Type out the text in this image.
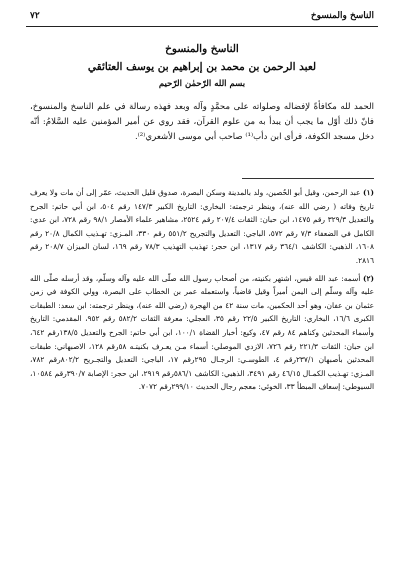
الناسخ والمنسوخ
٧٢
الناسخ والمنسوخ
لعبد الرحمن بن محمد بن إبراهيم بن يوسف العتائقي
بسم الله الرّحمٰن الرّحيم

الحمد لله مكافأةً لإفضاله وصلواته على محمَّدٍ وآله وبعد فهذه رسالة في علم الناسخ والمنسوخ، فانّ ذلك أوّل ما يجب أن يبدأ به من علوم القرآن، فقد روي عن أمير المؤمنين عليه السَّلامُ: أنّه دخل مسجد الكوفة، فرأى ابن دأب⁽¹⁾ صاحب أبي موسى الأشعري⁽²⁾.

(١) عبد الرحمن، وقيل أبو الحُصين، ولد بالمدينة وسكن البصرة، صدوق قليل الحديث، عمّر إلى أن مات ولا يعرف تاريخ وفاته ( رضي الله عنه)، وينظر ترجمته: البخاري: التاريخ الكبير ١٤٧/٣ رقم ٥٠٤، ابن أبي حاتم: الجرح والتعديل ٣٢٩/٣ رقم ١٤٧٥، ابن حبان: الثقات ٢٠٧/٤ رقم ٢٥٢٤، مشاهير علماء الأمصار ٩٨/١ رقم ٧٢٨، ابن عدي: الكامل في الضعفاء ٧/٣ رقم ٥٧٢، الباجي: التعديل والتجريح ٥٥١/٢ رقم ٣٣٠، المـزي: تهـذيب الكمال ٢٠/٨ رقم ١٦٠٨، الذهبي: الكاشف ٣٦٤/١ رقم ١٣١٧، ابن حجر: تهذيب التهذيب ٧٨/٣ رقم ١٦٩، لسان الميزان ٢٠٨/٧ رقم ٢٨١٦.

(٢) أسمه: عبد الله قيس، اشتهر بكنيته، من أصحاب رسول الله صلّى الله عليه وآله وسلّم، وقد أرسله صلّى الله عليه وآله وسلّم إلى اليمن أميراً وقيل قاضياً، واستعمله عمر بن الخطاب على البصرة، وولي الكوفة في زمن عثمان بن عفان، وهو أحد الحكمين، مات سنة ٤٢ من الهجرة (رضي الله عنه)، وينظر ترجمته: ابن سعد: الطبقات الكبرى ١٦/٦، البخاري: التاريخ الكبير ٢٢/٥ رقم ٣٥، العجلي: معرفة الثقات ٥٨٢/٢ رقم ٩٥٢، المقدمي: التاريخ وأسماء المحدثين وكناهم ٨٤ رقم ٤٧، وكيع: أخبار القضاة ١٠٠/١، ابن أبي حاتم: الجرح والتعديل ١٣٨/٥رقم ٦٤٢، ابن حبان: الثقات ٢٢١/٣ رقم ٧٢٦، الازدي الموصلي: أسماء مـن يعـرف بكنيتـه ٥٨رقم ١٢٨، الاصبهاني: طبقات المحدثين بأصبهان ٢٣٧/١رقم ٤، الطوسـي: الرجـال ٢٩٥رقم ١٧، الباجي: التعديل والتجـريح ٨٠٢/٢رقم ٧٨٢، المـزي: تهـذيب الكمـال ٤٦/١٥ رقم ٣٤٩١، الذهبي: الكاشف ٥٨٦/١رقم ٢٩١٩، ابن حجر: الإصابة ٣٩٠/٧رقم ١٠٥٨٤، السيوطي: إسعاف المبطأ ٣٣، الخوئي: معجم رجال الحديث ٢٩٩/١٠رقم ٧٠٧٢.
